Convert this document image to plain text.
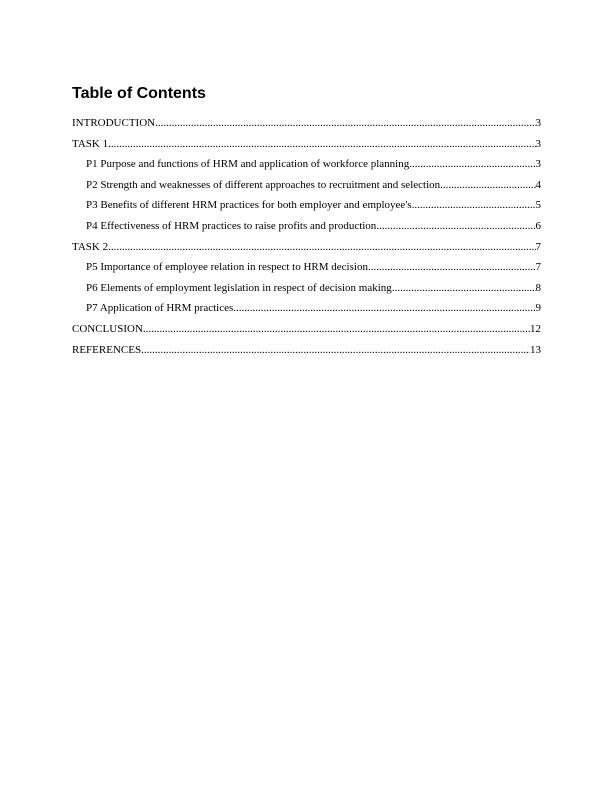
Table of Contents
INTRODUCTION .....	3
TASK 1 .....	3
P1 Purpose and functions of HRM and application of workforce planning .....	3
P2 Strength and weaknesses of different approaches to recruitment and selection .....	4
P3 Benefits of different HRM practices for both employer and employee's .....	5
P4 Effectiveness of HRM practices to raise profits and production .....	6
TASK 2 .....	7
P5 Importance of employee relation in respect to HRM decision .....	7
P6 Elements of employment legislation in respect of decision making .....	8
P7 Application of HRM practices .....	9
CONCLUSION .....	12
REFERENCES .....	13
